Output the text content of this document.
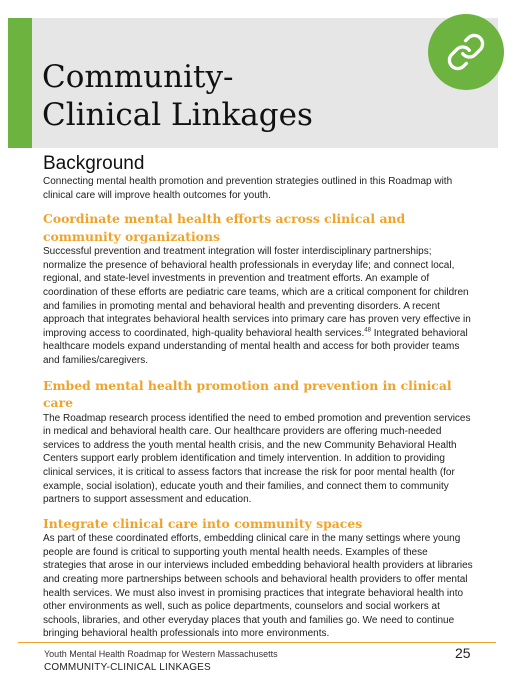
Community-
Clinical Linkages
Background

Connecting mental health promotion and prevention strategies outlined in this Roadmap with clinical care will improve health outcomes for youth.

Coordinate mental health efforts across clinical and community organizations

Successful prevention and treatment integration will foster interdisciplinary partnerships; normalize the presence of behavioral health professionals in everyday life; and connect local, regional, and state-level investments in prevention and treatment efforts. An example of coordination of these efforts are pediatric care teams, which are a critical component for children and families in promoting mental and behavioral health and preventing disorders. A recent approach that integrates behavioral health services into primary care has proven very effective in improving access to coordinated, high-quality behavioral health services.$^{48}$ Integrated behavioral healthcare models expand understanding of mental health and access for both provider teams and families/caregivers.

Embed mental health promotion and prevention in clinical care

The Roadmap research process identified the need to embed promotion and prevention services in medical and behavioral health care. Our healthcare providers are offering much-needed services to address the youth mental health crisis, and the new Community Behavioral Health Centers support early problem identification and timely intervention. In addition to providing clinical services, it is critical to assess factors that increase the risk for poor mental health (for example, social isolation), educate youth and their families, and connect them to community partners to support assessment and education.

Integrate clinical care into community spaces

As part of these coordinated efforts, embedding clinical care in the many settings where young people are found is critical to supporting youth mental health needs. Examples of these strategies that arose in our interviews included embedding behavioral health providers at libraries and creating more partnerships between schools and behavioral health providers to offer mental health services. We must also invest in promising practices that integrate behavioral health into other environments as well, such as police departments, counselors and social workers at schools, libraries, and other everyday places that youth and families go. We need to continue bringing behavioral health professionals into more environments.

Youth Mental Health Roadmap for Western Massachusetts
COMMUNITY-CLINICAL LINKAGES
25
